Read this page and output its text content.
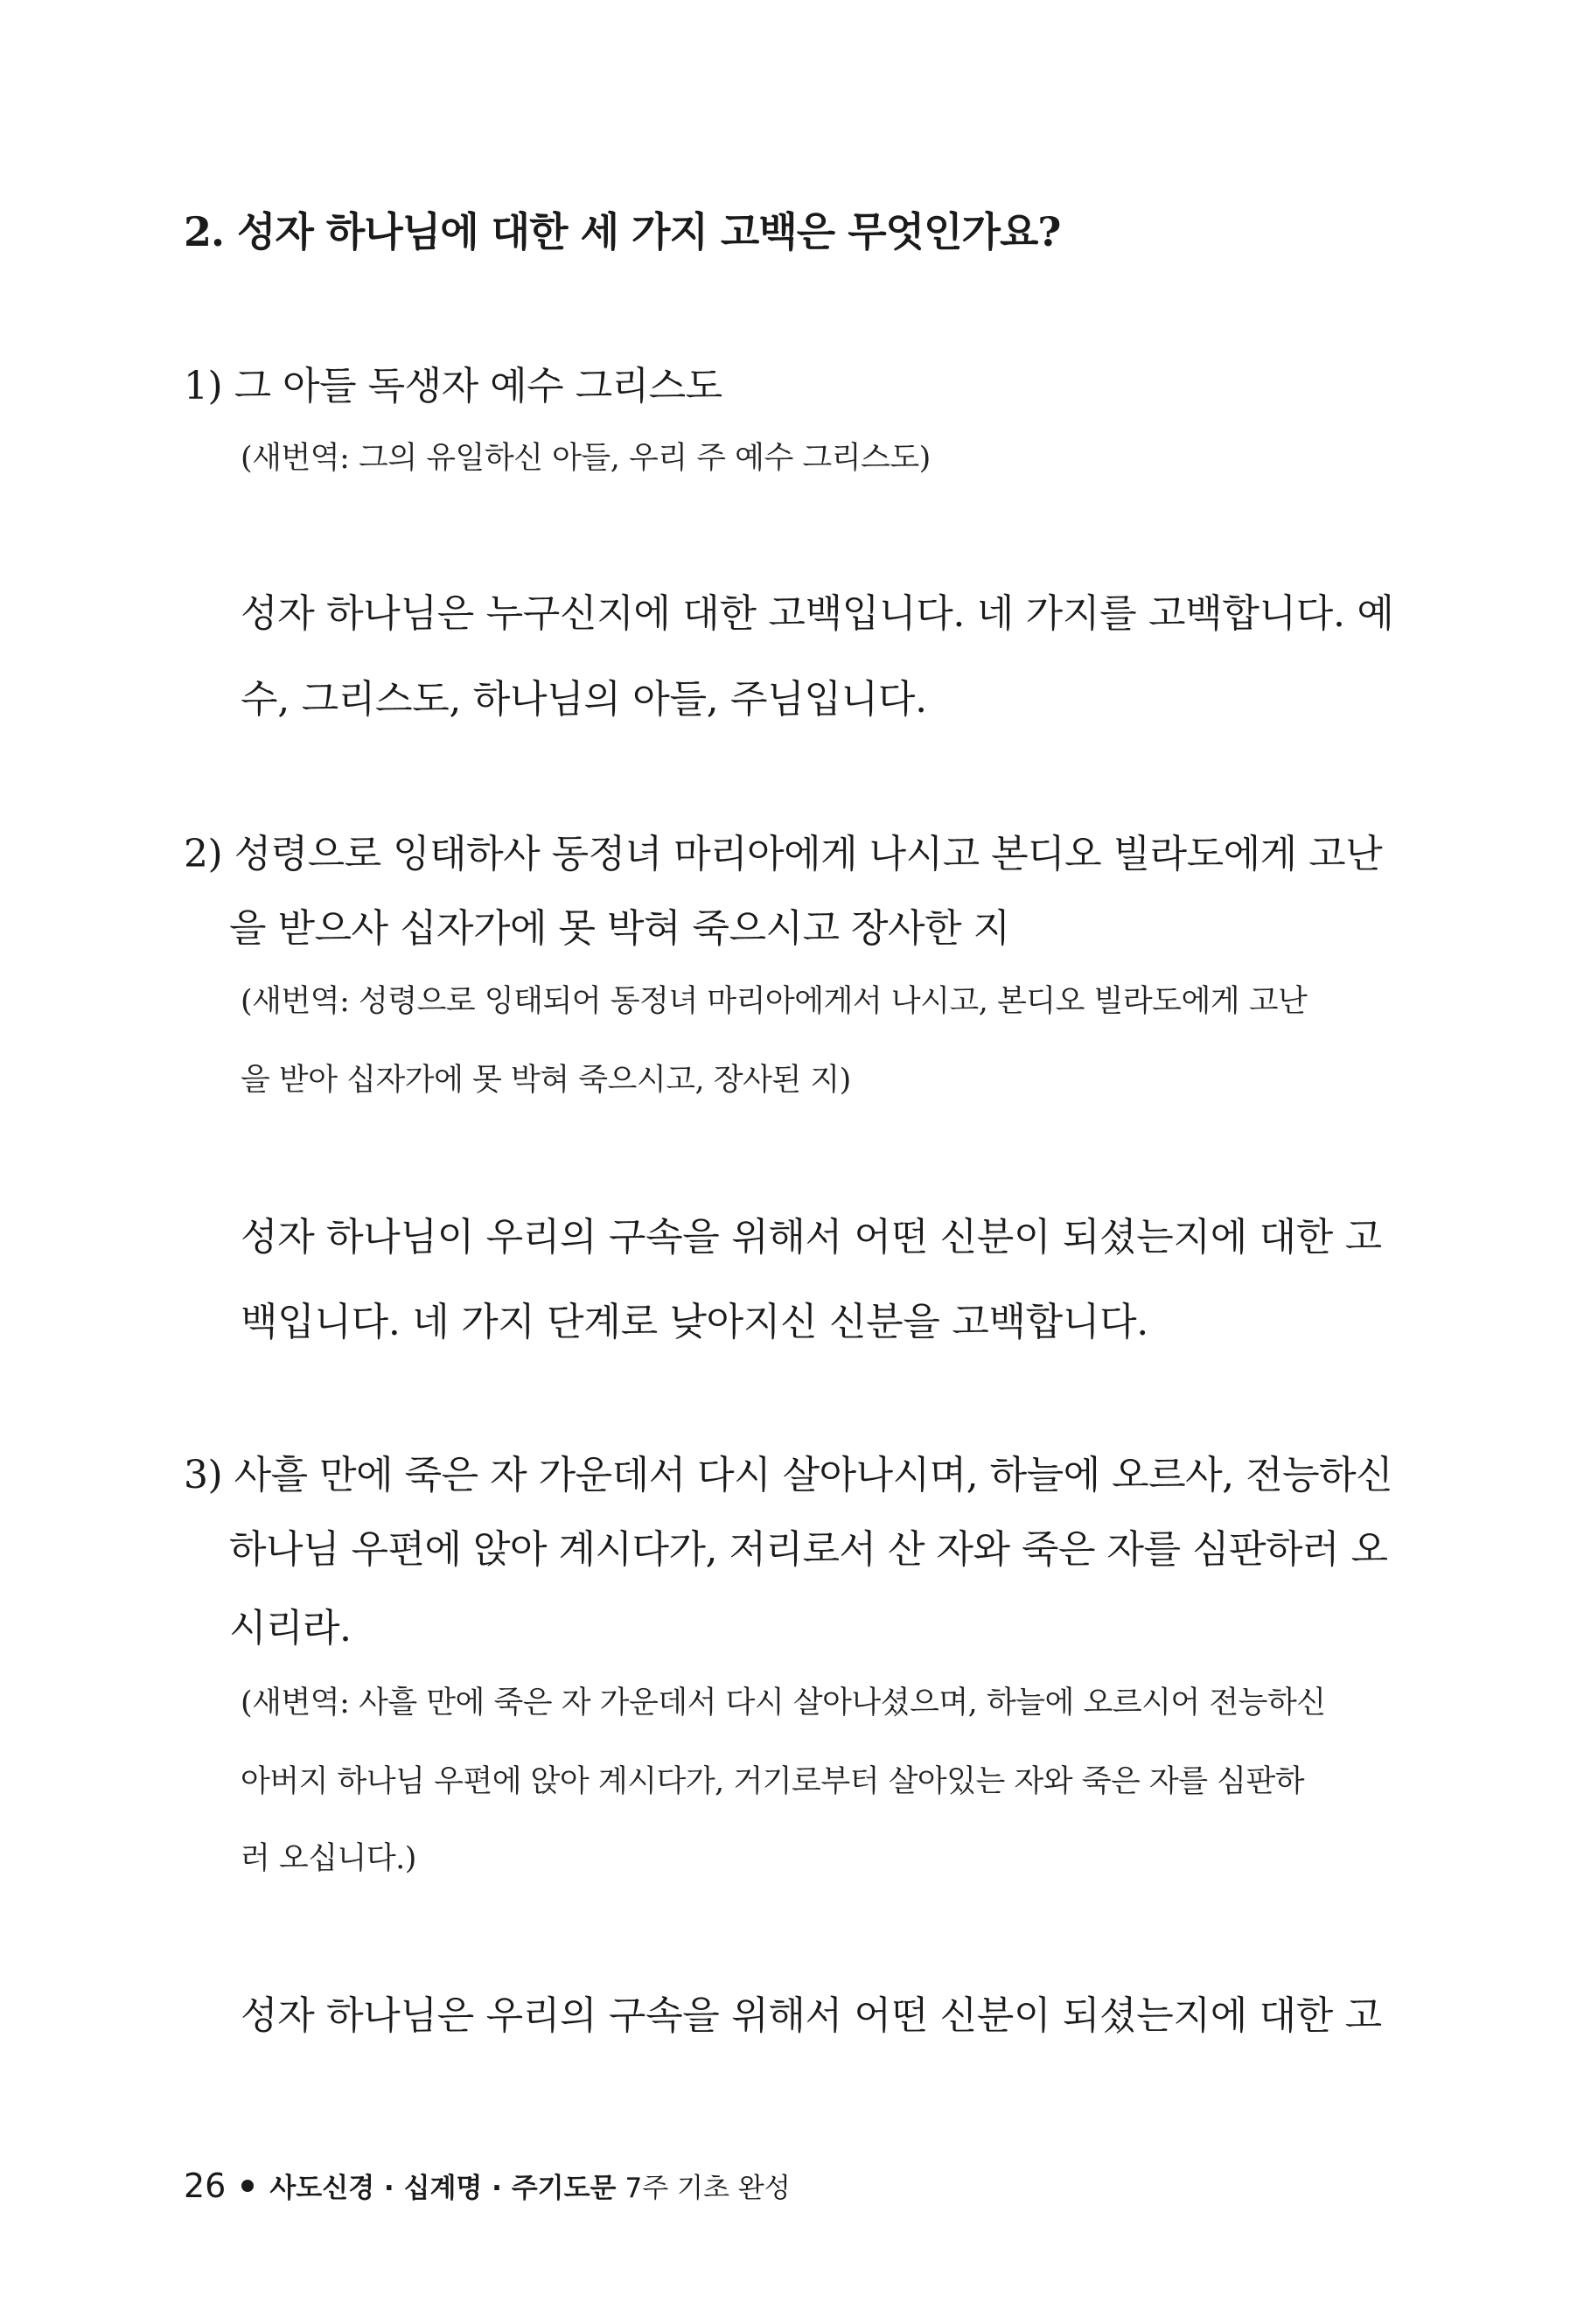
2. 성자 하나님에 대한 세 가지 고백은 무엇인가요?
1) 그 아들 독생자 예수 그리스도
(새번역: 그의 유일하신 아들, 우리 주 예수 그리스도)
성자 하나님은 누구신지에 대한 고백입니다. 네 가지를 고백합니다. 예
수, 그리스도, 하나님의 아들, 주님입니다.
2) 성령으로 잉태하사 동정녀 마리아에게 나시고 본디오 빌라도에게 고난
을 받으사 십자가에 못 박혀 죽으시고 장사한 지
(새번역: 성령으로 잉태되어 동정녀 마리아에게서 나시고, 본디오 빌라도에게 고난
을 받아 십자가에 못 박혀 죽으시고, 장사된 지)
성자 하나님이 우리의 구속을 위해서 어떤 신분이 되셨는지에 대한 고
백입니다. 네 가지 단계로 낮아지신 신분을 고백합니다.
3) 사흘 만에 죽은 자 가운데서 다시 살아나시며, 하늘에 오르사, 전능하신
하나님 우편에 앉아 계시다가, 저리로서 산 자와 죽은 자를 심판하러 오
시리라.
(새변역: 사흘 만에 죽은 자 가운데서 다시 살아나셨으며, 하늘에 오르시어 전능하신
아버지 하나님 우편에 앉아 계시다가, 거기로부터 살아있는 자와 죽은 자를 심판하
러 오십니다.)
성자 하나님은 우리의 구속을 위해서 어떤 신분이 되셨는지에 대한 고
26 사도신경 · 십계명 · 주기도문 7주 기초 완성
